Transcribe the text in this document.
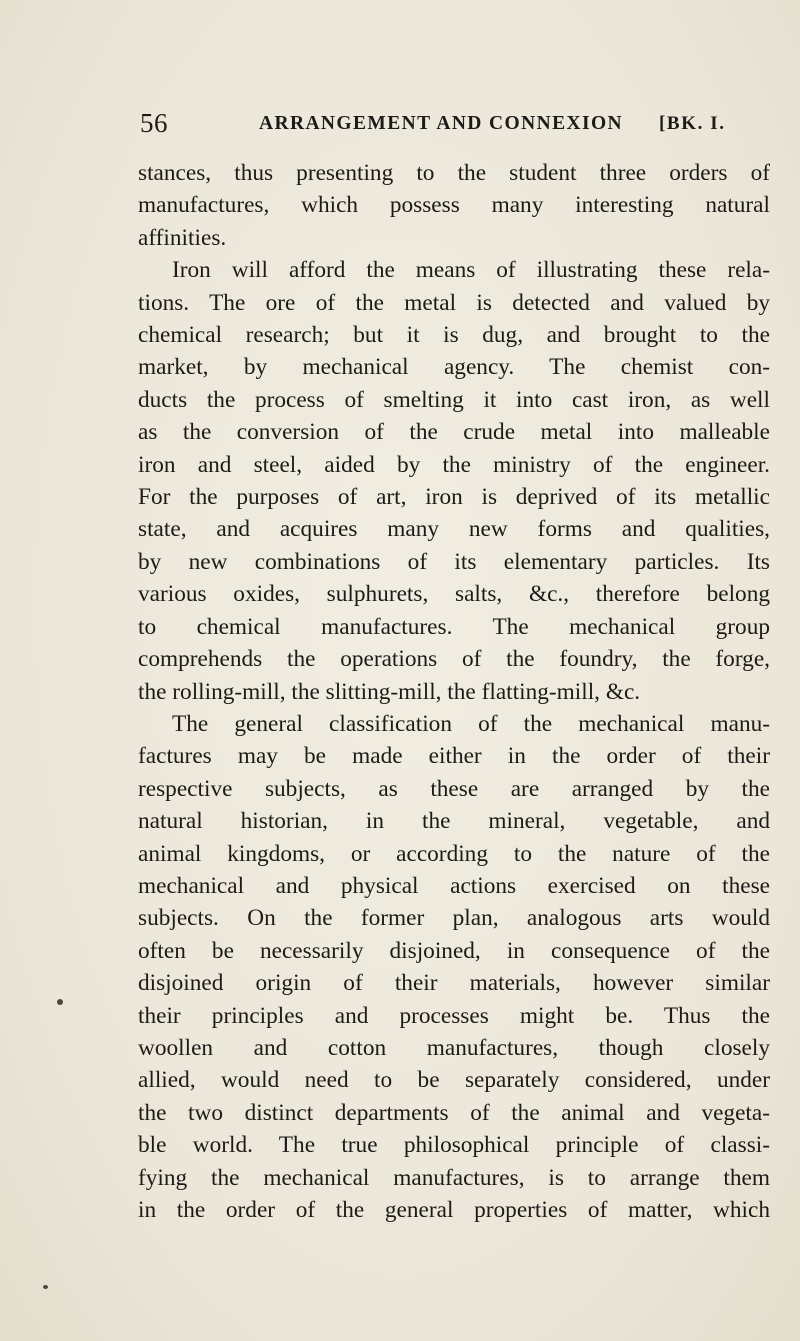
56	ARRANGEMENT AND CONNEXION [BK. I.
stances, thus presenting to the student three orders of
manufactures, which possess many interesting natural
affinities.
Iron will afford the means of illustrating these rela-
tions. The ore of the metal is detected and valued by
chemical research; but it is dug, and brought to the
market, by mechanical agency. The chemist con-
ducts the process of smelting it into cast iron, as well
as the conversion of the crude metal into malleable
iron and steel, aided by the ministry of the engineer.
For the purposes of art, iron is deprived of its metallic
state, and acquires many new forms and qualities,
by new combinations of its elementary particles. Its
various oxides, sulphurets, salts, &c., therefore belong
to chemical manufactures. The mechanical group
comprehends the operations of the foundry, the forge,
the rolling-mill, the slitting-mill, the flatting-mill, &c.
The general classification of the mechanical manu-
factures may be made either in the order of their
respective subjects, as these are arranged by the
natural historian, in the mineral, vegetable, and
animal kingdoms, or according to the nature of the
mechanical and physical actions exercised on these
subjects. On the former plan, analogous arts would
often be necessarily disjoined, in consequence of the
disjoined origin of their materials, however similar
their principles and processes might be. Thus the
woollen and cotton manufactures, though closely
allied, would need to be separately considered, under
the two distinct departments of the animal and vegeta-
ble world. The true philosophical principle of classi-
fying the mechanical manufactures, is to arrange them
in the order of the general properties of matter, which
